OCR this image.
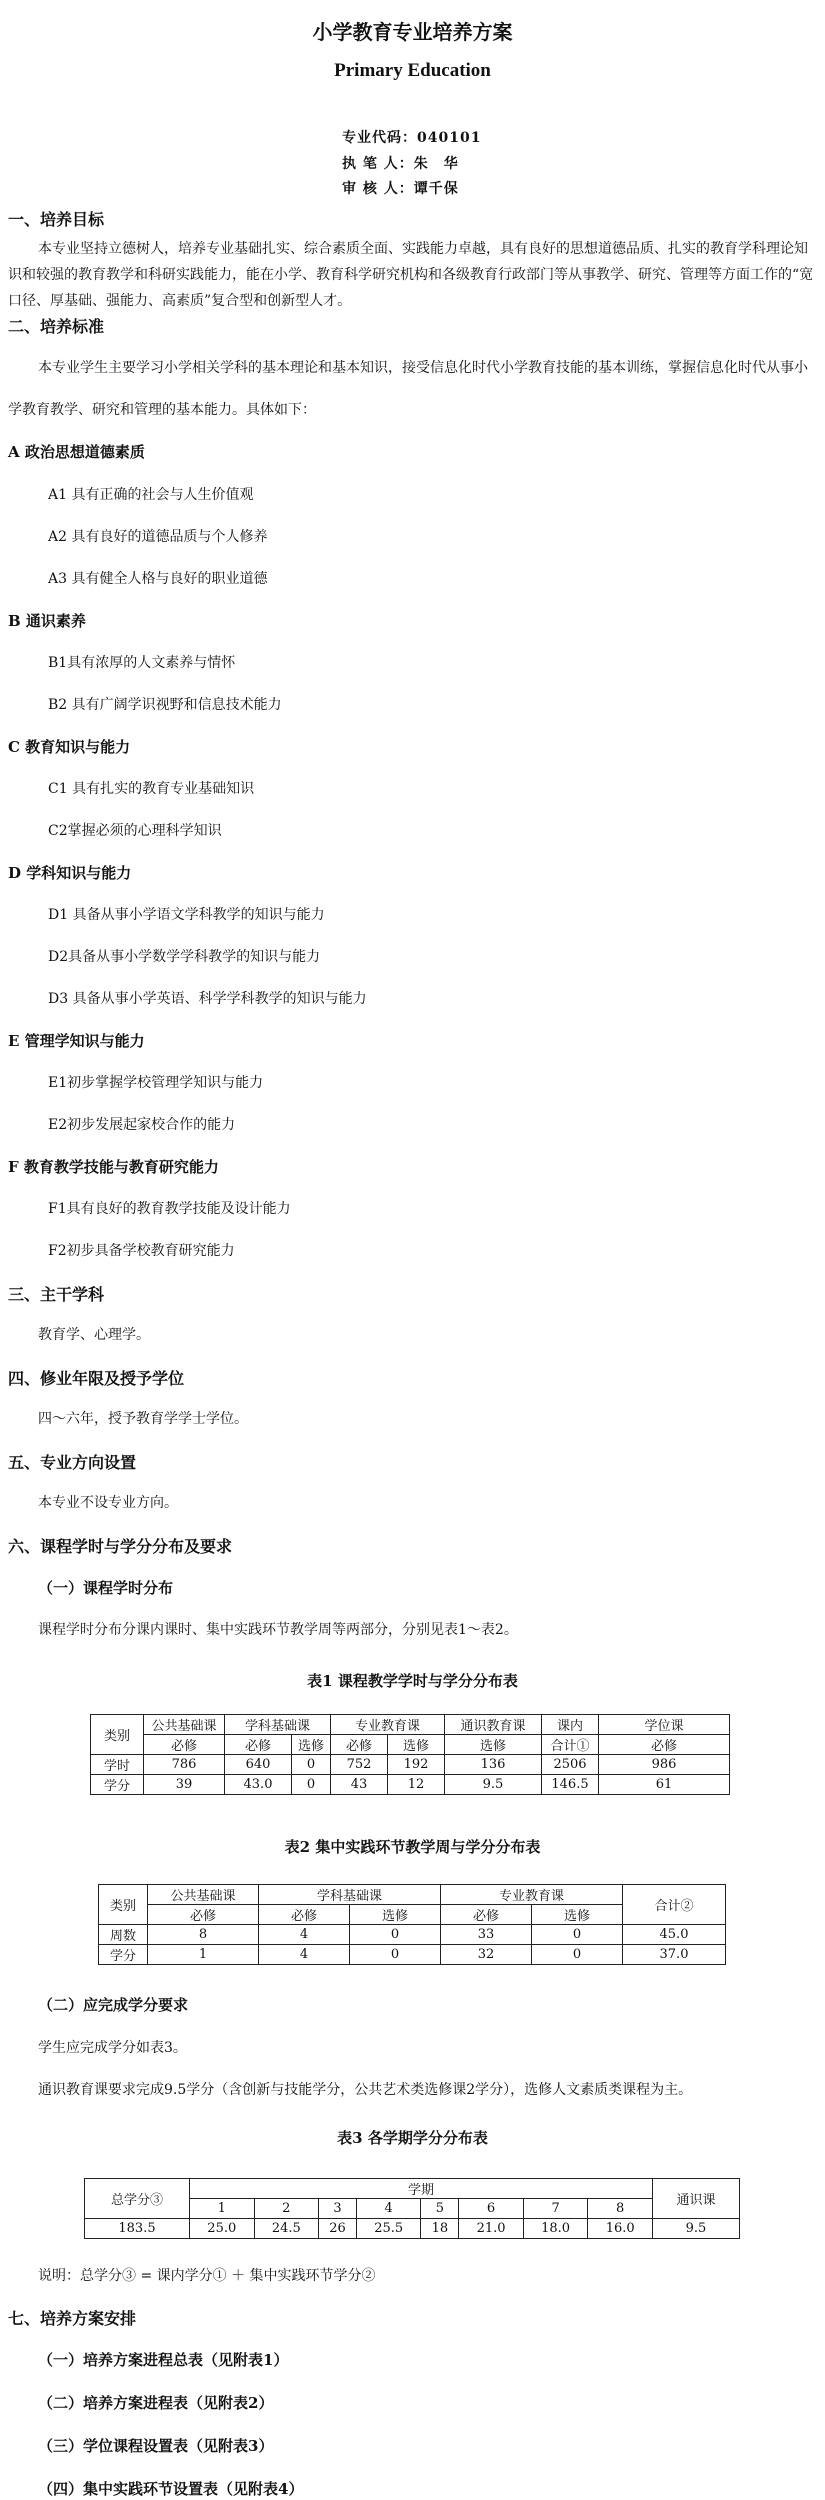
小学教育专业培养方案
Primary Education
专业代码：040101
执 笔 人：朱　华
审 核 人：谭千保
一、培养目标
本专业坚持立德树人，培养专业基础扎实、综合素质全面、实践能力卓越，具有良好的思想道德品质、扎实的教育学科理论知识和较强的教育教学和科研实践能力，能在小学、教育科学研究机构和各级教育行政部门等从事教学、研究、管理等方面工作的“宽口径、厚基础、强能力、高素质”复合型和创新型人才。
二、培养标准
本专业学生主要学习小学相关学科的基本理论和基本知识，接受信息化时代小学教育技能的基本训练，掌握信息化时代从事小学教育教学、研究和管理的基本能力。具体如下：
A 政治思想道德素质
A1 具有正确的社会与人生价值观
A2 具有良好的道德品质与个人修养
A3 具有健全人格与良好的职业道德
B 通识素养
B1具有浓厚的人文素养与情怀
B2 具有广阔学识视野和信息技术能力
C 教育知识与能力
C1 具有扎实的教育专业基础知识
C2掌握必须的心理科学知识
D 学科知识与能力
D1 具备从事小学语文学科教学的知识与能力
D2具备从事小学数学学科教学的知识与能力
D3 具备从事小学英语、科学学科教学的知识与能力
E 管理学知识与能力
E1初步掌握学校管理学知识与能力
E2初步发展起家校合作的能力
F 教育教学技能与教育研究能力
F1具有良好的教育教学技能及设计能力
F2初步具备学校教育研究能力
三、主干学科
教育学、心理学。
四、修业年限及授予学位
四～六年，授予教育学学士学位。
五、专业方向设置
本专业不设专业方向。
六、课程学时与学分分布及要求
（一）课程学时分布
课程学时分布分课内课时、集中实践环节教学周等两部分，分别见表1～表2。
表1 课程教学学时与学分分布表
类别	公共基础课	学科基础课		专业教育课		通识教育课	课内	学位课
	必修	必修	选修	必修	选修	选修	合计①	必修
学时	786	640	0	752	192	136	2506	986
学分	39	43.0	0	43	12	9.5	146.5	61
表2 集中实践环节教学周与学分分布表
类别	公共基础课	学科基础课		专业教育课		合计②
	必修	必修	选修	必修	选修	
周数	8	4	0	33	0	45.0
学分	1	4	0	32	0	37.0
（二）应完成学分要求
学生应完成学分如表3。
通识教育课要求完成9.5学分（含创新与技能学分，公共艺术类选修课2学分），选修人文素质类课程为主。
表3 各学期学分分布表
总学分③	学期								通识课
	1	2	3	4	5	6	7	8	
183.5	25.0	24.5	26	25.5	18	21.0	18.0	16.0	9.5
说明：总学分③ = 课内学分① ＋ 集中实践环节学分②
七、培养方案安排
（一）培养方案进程总表（见附表1）
（二）培养方案进程表（见附表2）
（三）学位课程设置表（见附表3）
（四）集中实践环节设置表（见附表4）
